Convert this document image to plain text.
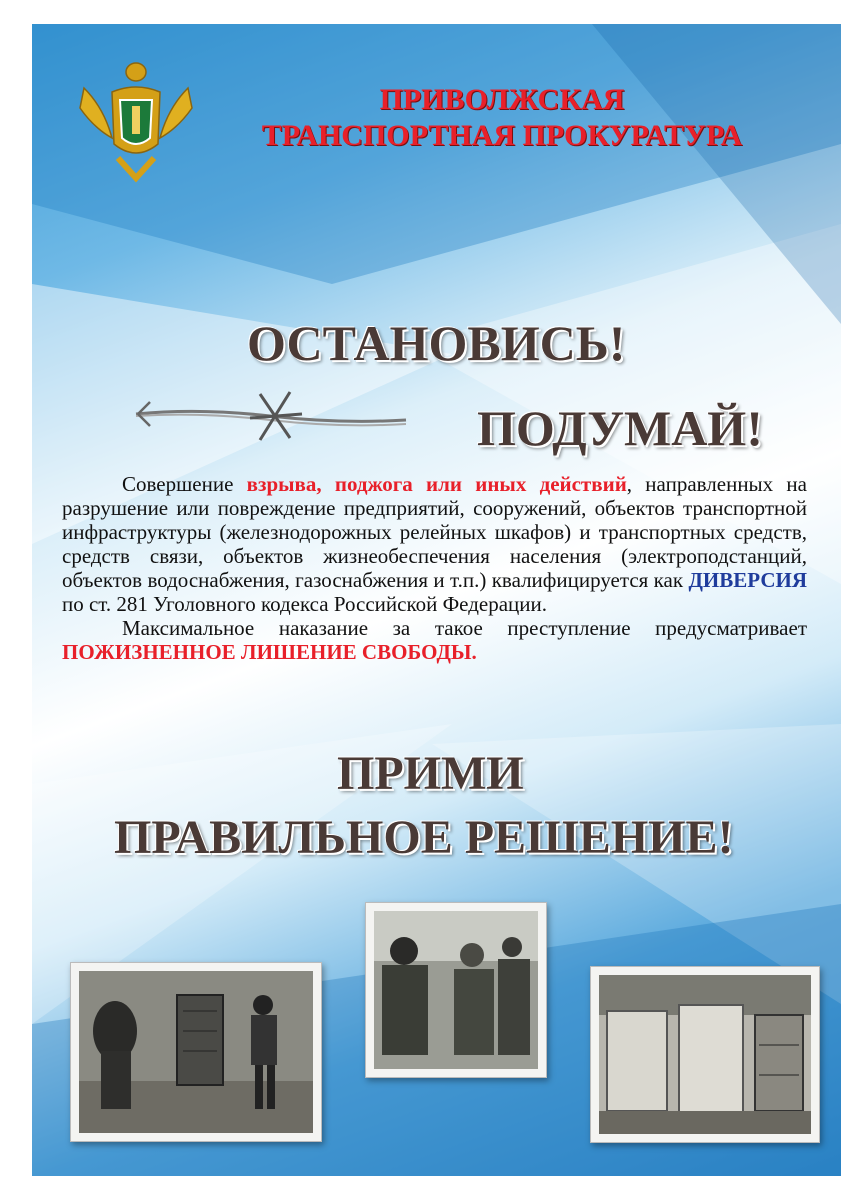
ПРИВОЛЖСКАЯ
ТРАНСПОРТНАЯ ПРОКУРАТУРА
ОСТАНОВИСЬ!
ПОДУМАЙ!

Совершение взрыва, поджога или иных действий, направленных на разрушение или повреждение предприятий, сооружений, объектов транспортной инфраструктуры (железнодорожных релейных шкафов) и транспортных средств, средств связи, объектов жизнеобеспечения населения (электроподстанций, объектов водоснабжения, газоснабжения и т.п.) квалифицируется как ДИВЕРСИЯ по ст. 281 Уголовного кодекса Российской Федерации.

Максимальное наказание за такое преступление предусматривает ПОЖИЗНЕННОЕ ЛИШЕНИЕ СВОБОДЫ.

ПРИМИ
ПРАВИЛЬНОЕ РЕШЕНИЕ!
